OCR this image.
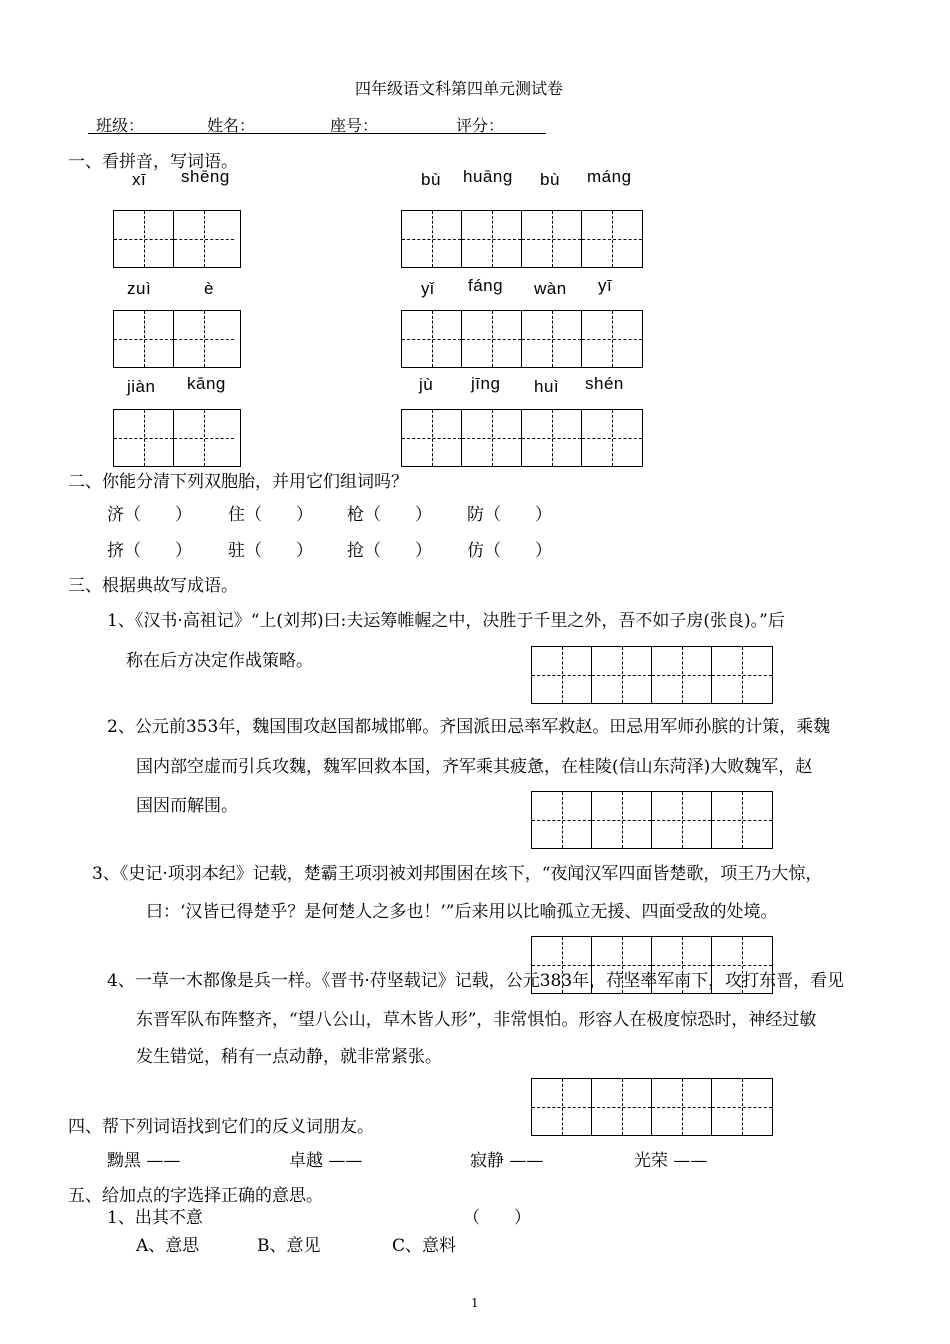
四年级语文科第四单元测试卷
班级：	姓名：	座号：	评分：
一、看拼音，写词语。
xī shēng	bù huāng bù máng
zuì	è	yǐ fáng wàn yī
jiàn kāng	jù jīng huì shén
二、你能分清下列双胞胎，并用它们组词吗？
济（　　） 住（　　） 枪（　　） 防（　　）
挤（　　） 驻（　　） 抢（　　） 仿（　　）
三、根据典故写成语。
1、《汉书·高祖记》“上(刘邦)曰:夫运筹帷幄之中，决胜于千里之外，吾不如子房(张良)。”后
称在后方决定作战策略。
2、公元前353年，魏国围攻赵国都城邯郸。齐国派田忌率军救赵。田忌用军师孙膑的计策，乘魏
国内部空虚而引兵攻魏，魏军回救本国，齐军乘其疲惫，在桂陵(信山东菏泽)大败魏军，赵
国因而解围。
3、《史记·项羽本纪》记载，楚霸王项羽被刘邦围困在垓下，“夜闻汉军四面皆楚歌，项王乃大惊，
曰：‘汉皆已得楚乎？是何楚人之多也！’”后来用以比喻孤立无援、四面受敌的处境。
4、一草一木都像是兵一样。《晋书·苻坚载记》记载，公元383年，苻坚率军南下，攻打东晋，看见
东晋军队布阵整齐，“望八公山，草木皆人形”，非常惧怕。形容人在极度惊恐时，神经过敏
发生错觉，稍有一点动静，就非常紧张。
四、帮下列词语找到它们的反义词朋友。
黝黑 ——	卓越 ——	寂静 ——	光荣 ——
五、给加点的字选择正确的意思。
1、出其不意	（　　）
A、意思	B、意见	C、意料
1
